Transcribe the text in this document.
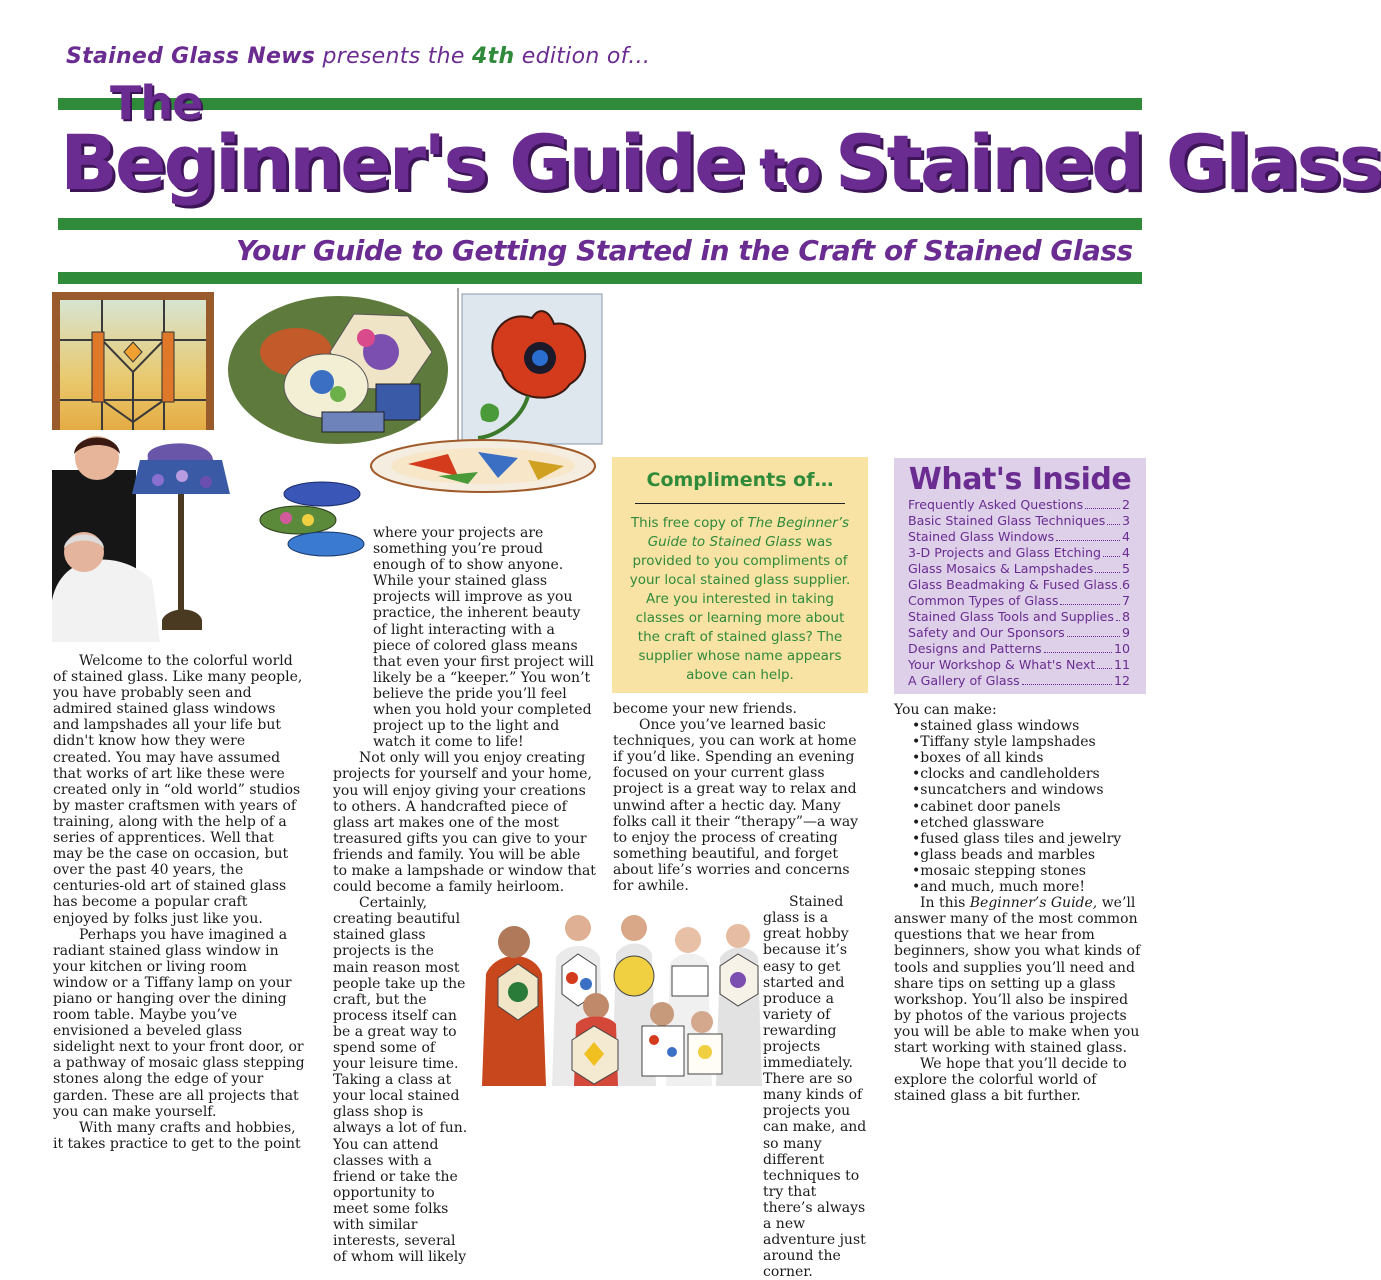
Stained Glass News presents the 4th edition of...
The
Beginner's Guide to Stained Glass
Your Guide to Getting Started in the Craft of Stained Glass

Welcome to the colorful world of stained glass. Like many people, you have probably seen and admired stained glass windows and lampshades all your life but didn't know how they were created. You may have assumed that works of art like these were created only in “old world” studios by master craftsmen with years of training, along with the help of a series of apprentices. Well that may be the case on occasion, but over the past 40 years, the centuries-old art of stained glass has become a popular craft enjoyed by folks just like you.

Perhaps you have imagined a radiant stained glass window in your kitchen or living room window or a Tiffany lamp on your piano or hanging over the dining room table. Maybe you’ve envisioned a beveled glass sidelight next to your front door, or a pathway of mosaic glass stepping stones along the edge of your garden. These are all projects that you can make yourself.

With many crafts and hobbies, it takes practice to get to the point

where your projects are something you’re proud enough of to show anyone. While your stained glass projects will improve as you practice, the inherent beauty of light interacting with a piece of colored glass means that even your first project will likely be a “keeper.” You won’t believe the pride you’ll feel when you hold your completed project up to the light and watch it come to life!

Not only will you enjoy creating projects for yourself and your home, you will enjoy giving your creations to others. A handcrafted piece of glass art makes one of the most treasured gifts you can give to your friends and family. You will be able to make a lampshade or window that could become a family heirloom.

Certainly, creating beautiful stained glass projects is the main reason most people take up the craft, but the process itself can be a great way to spend some of your leisure time. Taking a class at your local stained glass shop is always a lot of fun. You can attend classes with a friend or take the opportunity to meet some folks with similar interests, several of whom will likely

Compliments of…
This free copy of The Beginner’s Guide to Stained Glass was provided to you compliments of your local stained glass supplier. Are you interested in taking classes or learning more about the craft of stained glass? The supplier whose name appears above can help.

become your new friends.

Once you’ve learned basic techniques, you can work at home if you’d like. Spending an evening focused on your current glass project is a great way to relax and unwind after a hectic day. Many folks call it their “therapy”—a way to enjoy the process of creating something beautiful, and forget about life’s worries and concerns for awhile.

Stained glass is a great hobby because it’s easy to get started and produce a variety of rewarding projects immediately. There are so many kinds of projects you can make, and so many different techniques to try that there’s always a new adventure just around the corner.

What's Inside
Frequently Asked Questions	2
Basic Stained Glass Techniques 3
Stained Glass Windows	4
3-D Projects and Glass Etching 4
Glass Mosaics & Lampshades 5
Glass Beadmaking & Fused Glass 6
Common Types of Glass	7
Stained Glass Tools and Supplies 8
Safety and Our Sponsors	9
Designs and Patterns	10
Your Workshop & What's Next 11
A Gallery of Glass	12

You can make:

• stained glass windows
• Tiffany style lampshades
• boxes of all kinds
• clocks and candleholders
• suncatchers and windows
• cabinet door panels
• etched glassware
• fused glass tiles and jewelry
• glass beads and marbles
• mosaic stepping stones
• and much, much more!

In this Beginner’s Guide, we’ll answer many of the most common questions that we hear from beginners, show you what kinds of tools and supplies you’ll need and share tips on setting up a glass workshop. You’ll also be inspired by photos of the various projects you will be able to make when you start working with stained glass.

We hope that you’ll decide to explore the colorful world of stained glass a bit further.
